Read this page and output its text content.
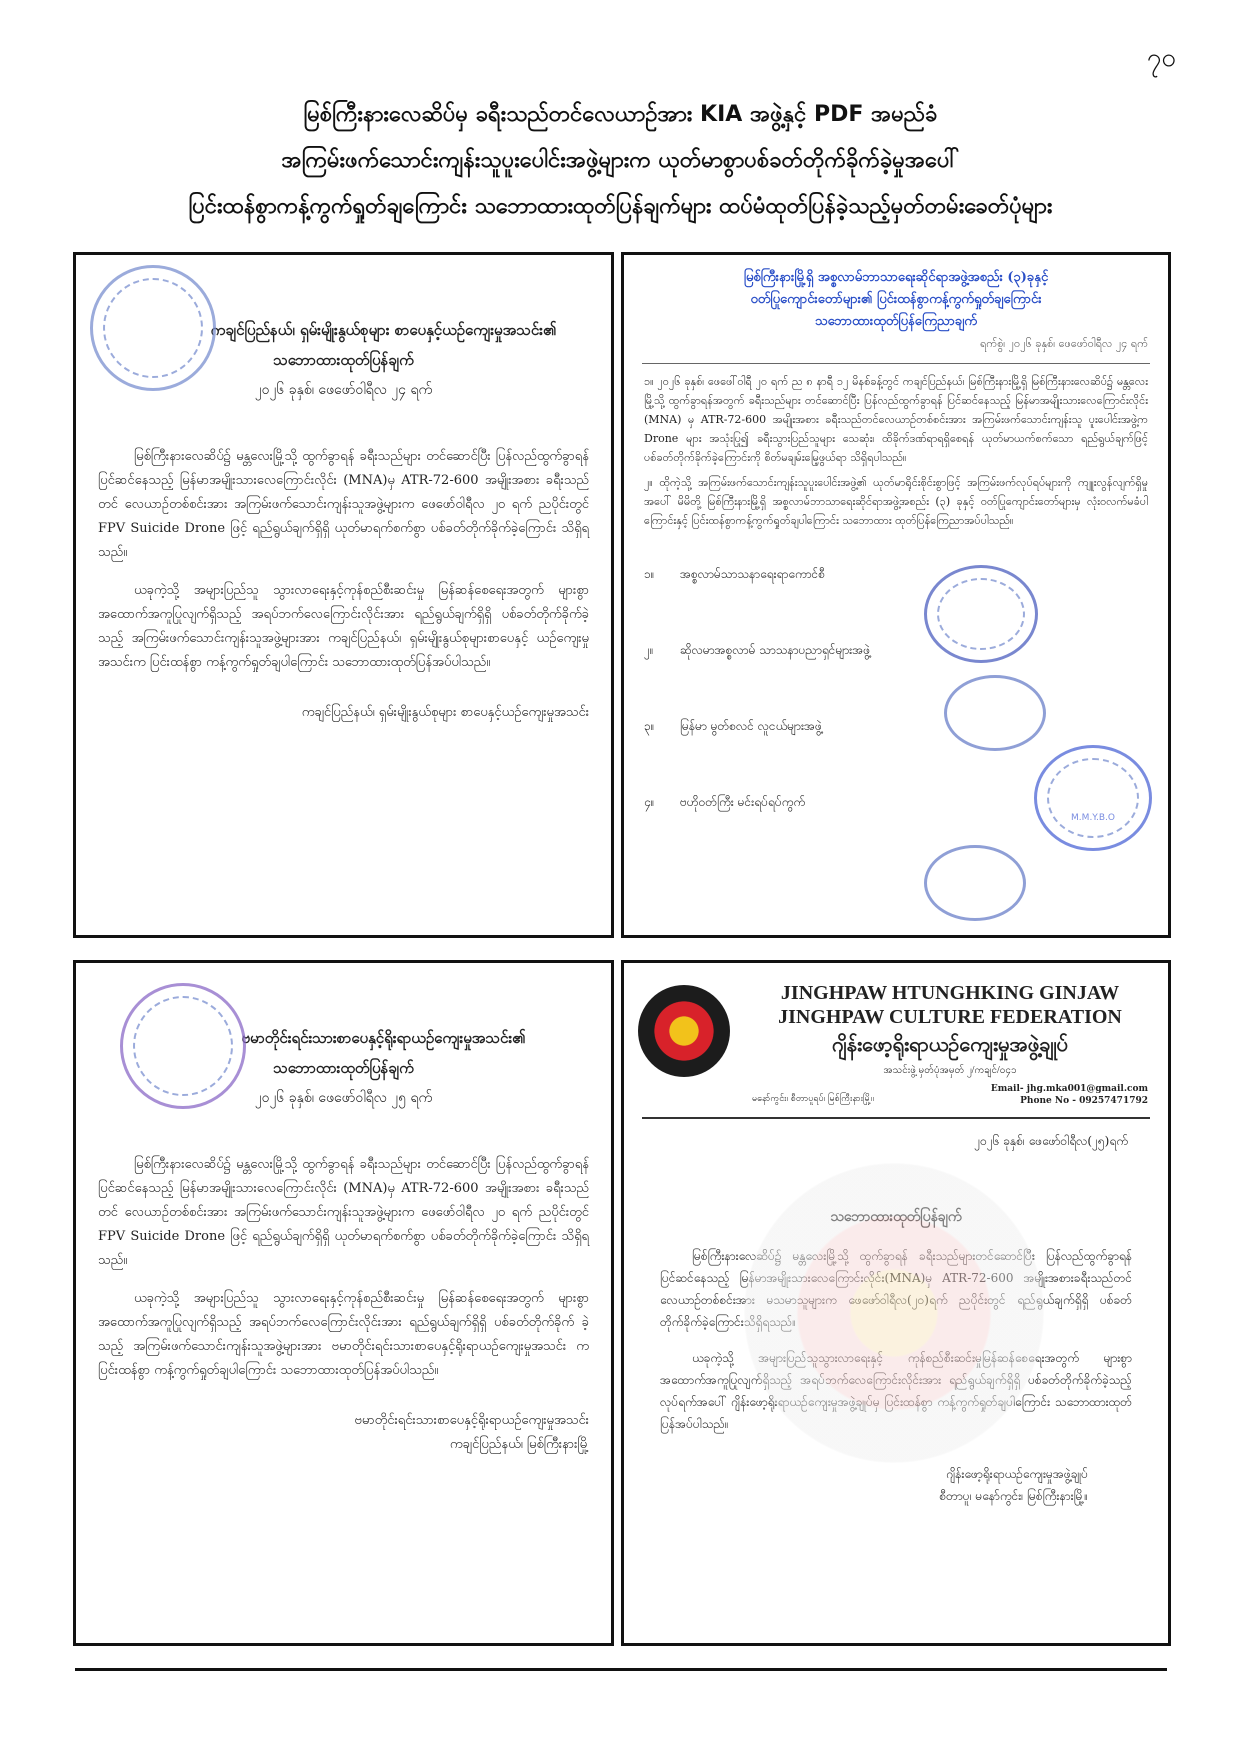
၇၀
မြစ်ကြီးနားလေဆိပ်မှ ခရီးသည်တင်လေယာဉ်အား KIA အဖွဲ့နှင့် PDF အမည်ခံ
အကြမ်းဖက်သောင်းကျန်းသူပူးပေါင်းအဖွဲ့များက ယုတ်မာစွာပစ်ခတ်တိုက်ခိုက်ခဲ့မှုအပေါ်
ပြင်းထန်စွာကန့်ကွက်ရှုတ်ချကြောင်း သဘောထားထုတ်ပြန်ချက်များ ထပ်မံထုတ်ပြန်ခဲ့သည့်မှတ်တမ်းခေတ်ပုံများ
ကချင်ပြည်နယ်၊ ရှမ်းမျိုးနွယ်စုများ စာပေနှင့်ယဉ်ကျေးမှုအသင်း၏
သဘောထားထုတ်ပြန်ချက်
၂၀၂၆ ခုနှစ်၊ ဖေဖော်ဝါရီလ ၂၄ ရက်

မြစ်ကြီးနားလေဆိပ်၌ မန္တလေးမြို့သို့ ထွက်ခွာရန် ခရီးသည်များ တင်ဆောင်ပြီး ပြန်လည်ထွက်ခွာရန် ပြင်ဆင်နေသည့် မြန်မာအမျိုးသားလေကြောင်းလိုင်း (MNA)မှ ATR-72-600 အမျိုးအစား ခရီးသည်တင် လေယာဉ်တစ်စင်းအား အကြမ်းဖက်သောင်းကျန်းသူအဖွဲ့များက ဖေဖော်ဝါရီလ ၂၀ ရက် ညပိုင်းတွင် FPV Suicide Drone ဖြင့် ရည်ရွယ်ချက်ရှိရှိ ယုတ်မာရက်စက်စွာ ပစ်ခတ်တိုက်ခိုက်ခဲ့ကြောင်း သိရှိရသည်။

ယခုကဲ့သို့ အများပြည်သူ သွားလာရေးနှင့်ကုန်စည်စီးဆင်းမှု မြန်ဆန်စေရေးအတွက် များစွာ အထောက်အကူပြုလျက်ရှိသည့် အရပ်ဘက်လေကြောင်းလိုင်းအား ရည်ရွယ်ချက်ရှိရှိ ပစ်ခတ်တိုက်ခိုက်ခဲ့သည့် အကြမ်းဖက်သောင်းကျန်းသူအဖွဲ့များအား ကချင်ပြည်နယ်၊ ရှမ်းမျိုးနွယ်စုများစာပေနှင့် ယဉ်ကျေးမှုအသင်းက ပြင်းထန်စွာ ကန့်ကွက်ရှုတ်ချပါကြောင်း သဘောထားထုတ်ပြန်အပ်ပါသည်။

ကချင်ပြည်နယ်၊ ရှမ်းမျိုးနွယ်စုများ စာပေနှင့်ယဉ်ကျေးမှုအသင်း
မြစ်ကြီးနားမြို့ရှိ အစ္စလာမ်ဘာသာရေးဆိုင်ရာအဖွဲ့အစည်း (၃)ခုနှင့်
ဝတ်ပြုကျောင်းတော်များ၏ ပြင်းထန်စွာကန့်ကွက်ရှုတ်ချကြောင်း
သဘောထားထုတ်ပြန်ကြေညာချက်
ရက်စွဲ၊ ၂၀၂၆ ခုနှစ်၊ ဖေဖော်ဝါရီလ ၂၄ ရက်

၁။ ၂၀၂၆ ခုနှစ်၊ ဖေဖေါ်ဝါရီ ၂၀ ရက် ည ၈ နာရီ ၁၂ မိနစ်ခန့်တွင် ကချင်ပြည်နယ်၊ မြစ်ကြီးနားမြို့ရှိ မြစ်ကြီးနားလေဆိပ်၌ မန္တလေးမြို့သို့ ထွက်ခွာရန်အတွက် ခရီးသည်များ တင်ဆောင်ပြီး ပြန်လည်ထွက်ခွာရန် ပြင်ဆင်နေသည့် မြန်မာအမျိုးသားလေကြောင်းလိုင်း (MNA) မှ ATR-72-600 အမျိုးအစား ခရီးသည်တင်လေယာဉ်တစ်စင်းအား အကြမ်းဖက်သောင်းကျန်းသူ ပူးပေါင်းအဖွဲ့က Drone များ အသုံးပြု၍ ခရီးသွားပြည်သူများ သေဆုံး၊ ထိခိုက်ဒဏ်ရာရရှိစေရန် ယုတ်မာယက်စက်သော ရည်ရွယ်ချက်ဖြင့် ပစ်ခတ်တိုက်ခိုက်ခဲ့ကြောင်းကို စိတ်မချမ်းမြေ့ဖွယ်ရာ သိရှိရပါသည်။

၂။ ထိုကဲ့သို့ အကြမ်းဖက်သောင်းကျန်းသူပူးပေါင်းအဖွဲ့၏ ယုတ်မာရိုင်းစိုင်းစွာဖြင့် အကြမ်းဖက်လုပ်ရပ်များကို ကျူးလွန်လျက်ရှိမှုအပေါ် မိမိတို့ မြစ်ကြီးနားမြို့ရှိ အစ္စလာမ်ဘာသာရေးဆိုင်ရာအဖွဲ့အစည်း (၃) ခုနှင့် ဝတ်ပြုကျောင်းတော်များမှ လုံးဝလက်မခံပါကြောင်းနှင့် ပြင်းထန်စွာကန့်ကွက်ရှုတ်ချပါကြောင်း သဘောထား ထုတ်ပြန်ကြေညာအပ်ပါသည်။

၁။	အစ္စလာမ်သာသနာရေးရာကောင်စီ
၂။	ဆိုလမာအစ္စလာမ် သာသနာပညာရှင်များအဖွဲ့
၃။	မြန်မာ မွတ်စလင် လူငယ်များအဖွဲ့
၄။	ဗဟိုဝတ်ကြီး မင်းရပ်ရပ်ကွက်
M.M.Y.B.O
ဗမာတိုင်းရင်းသားစာပေနှင့်ရိုးရာယဉ်ကျေးမှုအသင်း၏
သဘောထားထုတ်ပြန်ချက်
၂၀၂၆ ခုနှစ်၊ ဖေဖော်ဝါရီလ ၂၅ ရက်

မြစ်ကြီးနားလေဆိပ်၌ မန္တလေးမြို့သို့ ထွက်ခွာရန် ခရီးသည်များ တင်ဆောင်ပြီး ပြန်လည်ထွက်ခွာရန် ပြင်ဆင်နေသည့် မြန်မာအမျိုးသားလေကြောင်းလိုင်း (MNA)မှ ATR-72-600 အမျိုးအစား ခရီးသည်တင် လေယာဉ်တစ်စင်းအား အကြမ်းဖက်သောင်းကျန်းသူအဖွဲ့များက ဖေဖော်ဝါရီလ ၂၀ ရက် ညပိုင်းတွင် FPV Suicide Drone ဖြင့် ရည်ရွယ်ချက်ရှိရှိ ယုတ်မာရက်စက်စွာ ပစ်ခတ်တိုက်ခိုက်ခဲ့ကြောင်း သိရှိရသည်။

ယခုကဲ့သို့ အများပြည်သူ သွားလာရေးနှင့်ကုန်စည်စီးဆင်းမှု မြန်ဆန်စေရေးအတွက် များစွာ အထောက်အကူပြုလျက်ရှိသည့် အရပ်ဘက်လေကြောင်းလိုင်းအား ရည်ရွယ်ချက်ရှိရှိ ပစ်ခတ်တိုက်ခိုက် ခဲ့သည့် အကြမ်းဖက်သောင်းကျန်းသူအဖွဲ့များအား ဗမာတိုင်းရင်းသားစာပေနှင့်ရိုးရာယဉ်ကျေးမှုအသင်း က ပြင်းထန်စွာ ကန့်ကွက်ရှုတ်ချပါကြောင်း သဘောထားထုတ်ပြန်အပ်ပါသည်။

ဗမာတိုင်းရင်းသားစာပေနှင့်ရိုးရာယဉ်ကျေးမှုအသင်း
ကချင်ပြည်နယ်၊ မြစ်ကြီးနားမြို့
JINGHPAW HTUNGHKING GINJAW
JINGHPAW CULTURE FEDERATION
ဂျိန်းဖော့ရိုးရာယဉ်ကျေးမှုအဖွဲ့ချုပ်
အသင်းဖွဲ့ မှတ်ပုံအမှတ် ၂/ကချင်/၀၄၁
မနော်ကွင်း၊ စီတာပူရပ်၊ မြစ်ကြီးနားမြို့။
Email- jhg.mka001@gmail.com
Phone No - 09257471792
၂၀၂၆ ခုနှစ်၊ ဖေဖော်ဝါရီလ(၂၅)ရက်
သဘောထားထုတ်ပြန်ချက်

မြစ်ကြီးနားလေဆိပ်၌ မန္တလေးမြို့သို့ ထွက်ခွာရန် ခရီးသည်များတင်ဆောင်ပြီး ပြန်လည်ထွက်ခွာရန် ပြင်ဆင်နေသည့် မြန်မာအမျိုးသားလေကြောင်းလိုင်း(MNA)မှ ATR-72-600 အမျိုးအစားခရီးသည်တင် လေယာဉ်တစ်စင်းအား မသမာသူများက ဖေဖော်ဝါရီလ(၂၀)ရက် ညပိုင်းတွင် ရည်ရွယ်ချက်ရှိရှိ ပစ်ခတ်တိုက်ခိုက်ခဲ့ကြောင်းသိရှိရသည်။

ယခုကဲ့သို့ အများပြည်သူသွားလာရေးနှင့် ကုန်စည်စီးဆင်းမှုမြန်ဆန်စေရေးအတွက် များစွာ အထောက်အကူပြုလျက်ရှိသည့် အရပ်ဘက်လေကြောင်းလိုင်းအား ရည်ရွယ်ချက်ရှိရှိ ပစ်ခတ်တိုက်ခိုက်ခဲ့သည့်လုပ်ရက်အပေါ် ဂျိန်းဖော့ရိုးရာယဉ်ကျေးမှုအဖွဲ့ချုပ်မှ ပြင်းထန်စွာ ကန့်ကွက်ရှုတ်ချပါကြောင်း သဘောထားထုတ်ပြန်အပ်ပါသည်။

ဂျိန်းဖော့ရိုးရာယဉ်ကျေးမှုအဖွဲ့ချုပ်
စီတာပူ၊ မနော်ကွင်း၊ မြစ်ကြီးနားမြို့။
